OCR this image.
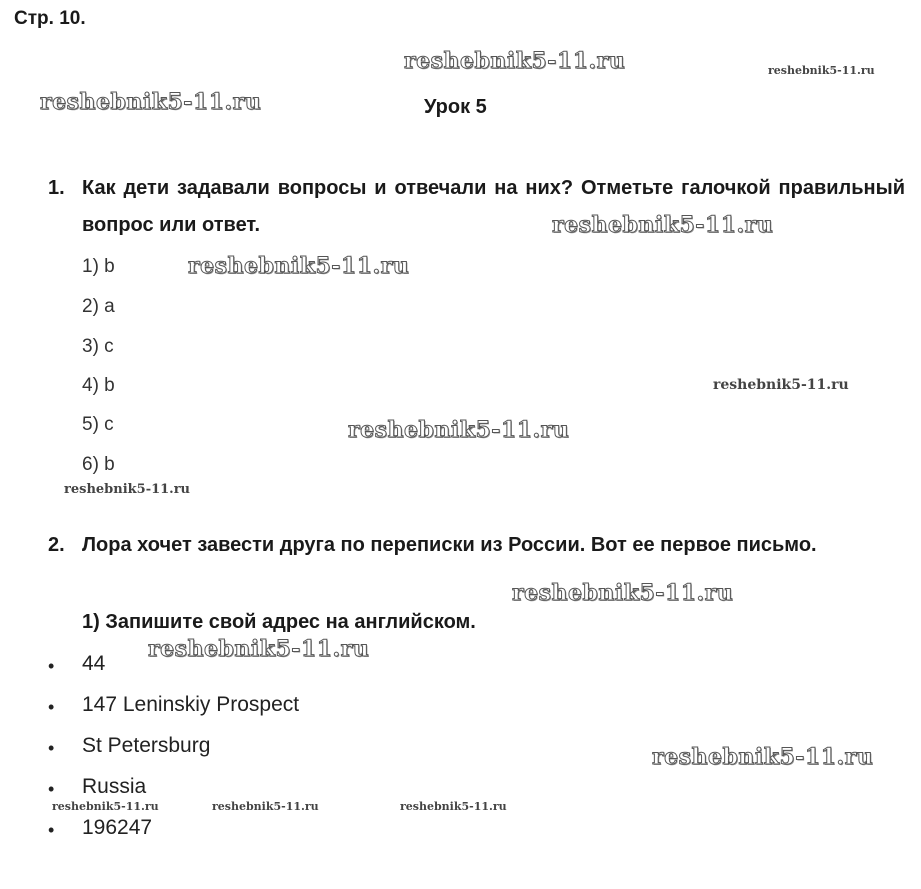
Стр. 10.
Урок 5
reshebnik5-11.ru	reshebnik5-11.ru
reshebnik5-11.ru
reshebnik5-11.ru
reshebnik5-11.ru
reshebnik5-11.ru
reshebnik5-11.ru
reshebnik5-11.ru
reshebnik5-11.ru
reshebnik5-11.ru
reshebnik5-11.ru
reshebnik5-11.ru	reshebnik5-11.ru	reshebnik5-11.ru
1. Как дети задавали вопросы и отвечали на них? Отметьте галочкой правильный вопрос или ответ.
1) b
2) a
3) c
4) b
5) c
6) b
2. Лора хочет завести друга по переписки из России. Вот ее первое письмо.
1) Запишите свой адрес на английском.
• 44
• 147 Leninskiy Prospect
• St Petersburg
• Russia
• 196247
